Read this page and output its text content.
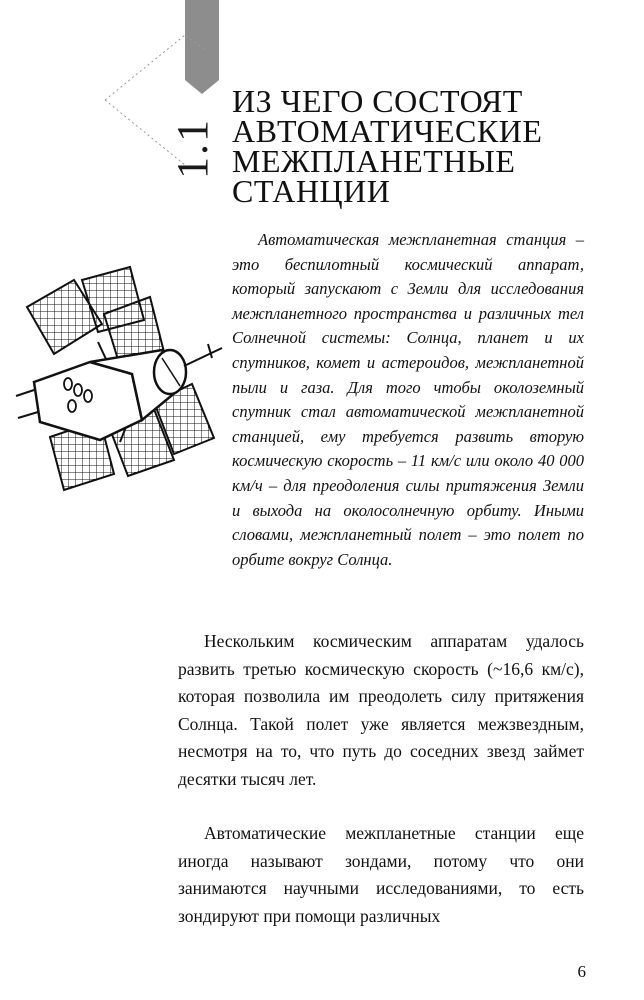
1.1
ИЗ ЧЕГО СОСТОЯТ
АВТОМАТИЧЕСКИЕ
МЕЖПЛАНЕТНЫЕ
СТАНЦИИ
Автоматическая межпланетная станция – это беспилотный космический аппарат, который запускают с Земли для исследования межпланетного пространства и различных тел Солнечной системы: Солнца, планет и их спутников, комет и астероидов, межпланетной пыли и газа. Для того чтобы околоземный спутник стал автоматической межпланетной станцией, ему требуется развить вторую космическую скорость – 11 км/с или около 40 000 км/ч – для преодоления силы притяжения Земли и выхода на околосолнечную орбиту. Иными словами, межпланетный полет – это полет по орбите вокруг Солнца.
Нескольким космическим аппаратам удалось развить третью космическую скорость (~16,6 км/с), которая позволила им преодолеть силу притяжения Солнца. Такой полет уже является межзвездным, несмотря на то, что путь до соседних звезд займет десятки тысяч лет.
Автоматические межпланетные станции еще иногда называют зондами, потому что они занимаются научными исследованиями, то есть зондируют при помощи различных
6
